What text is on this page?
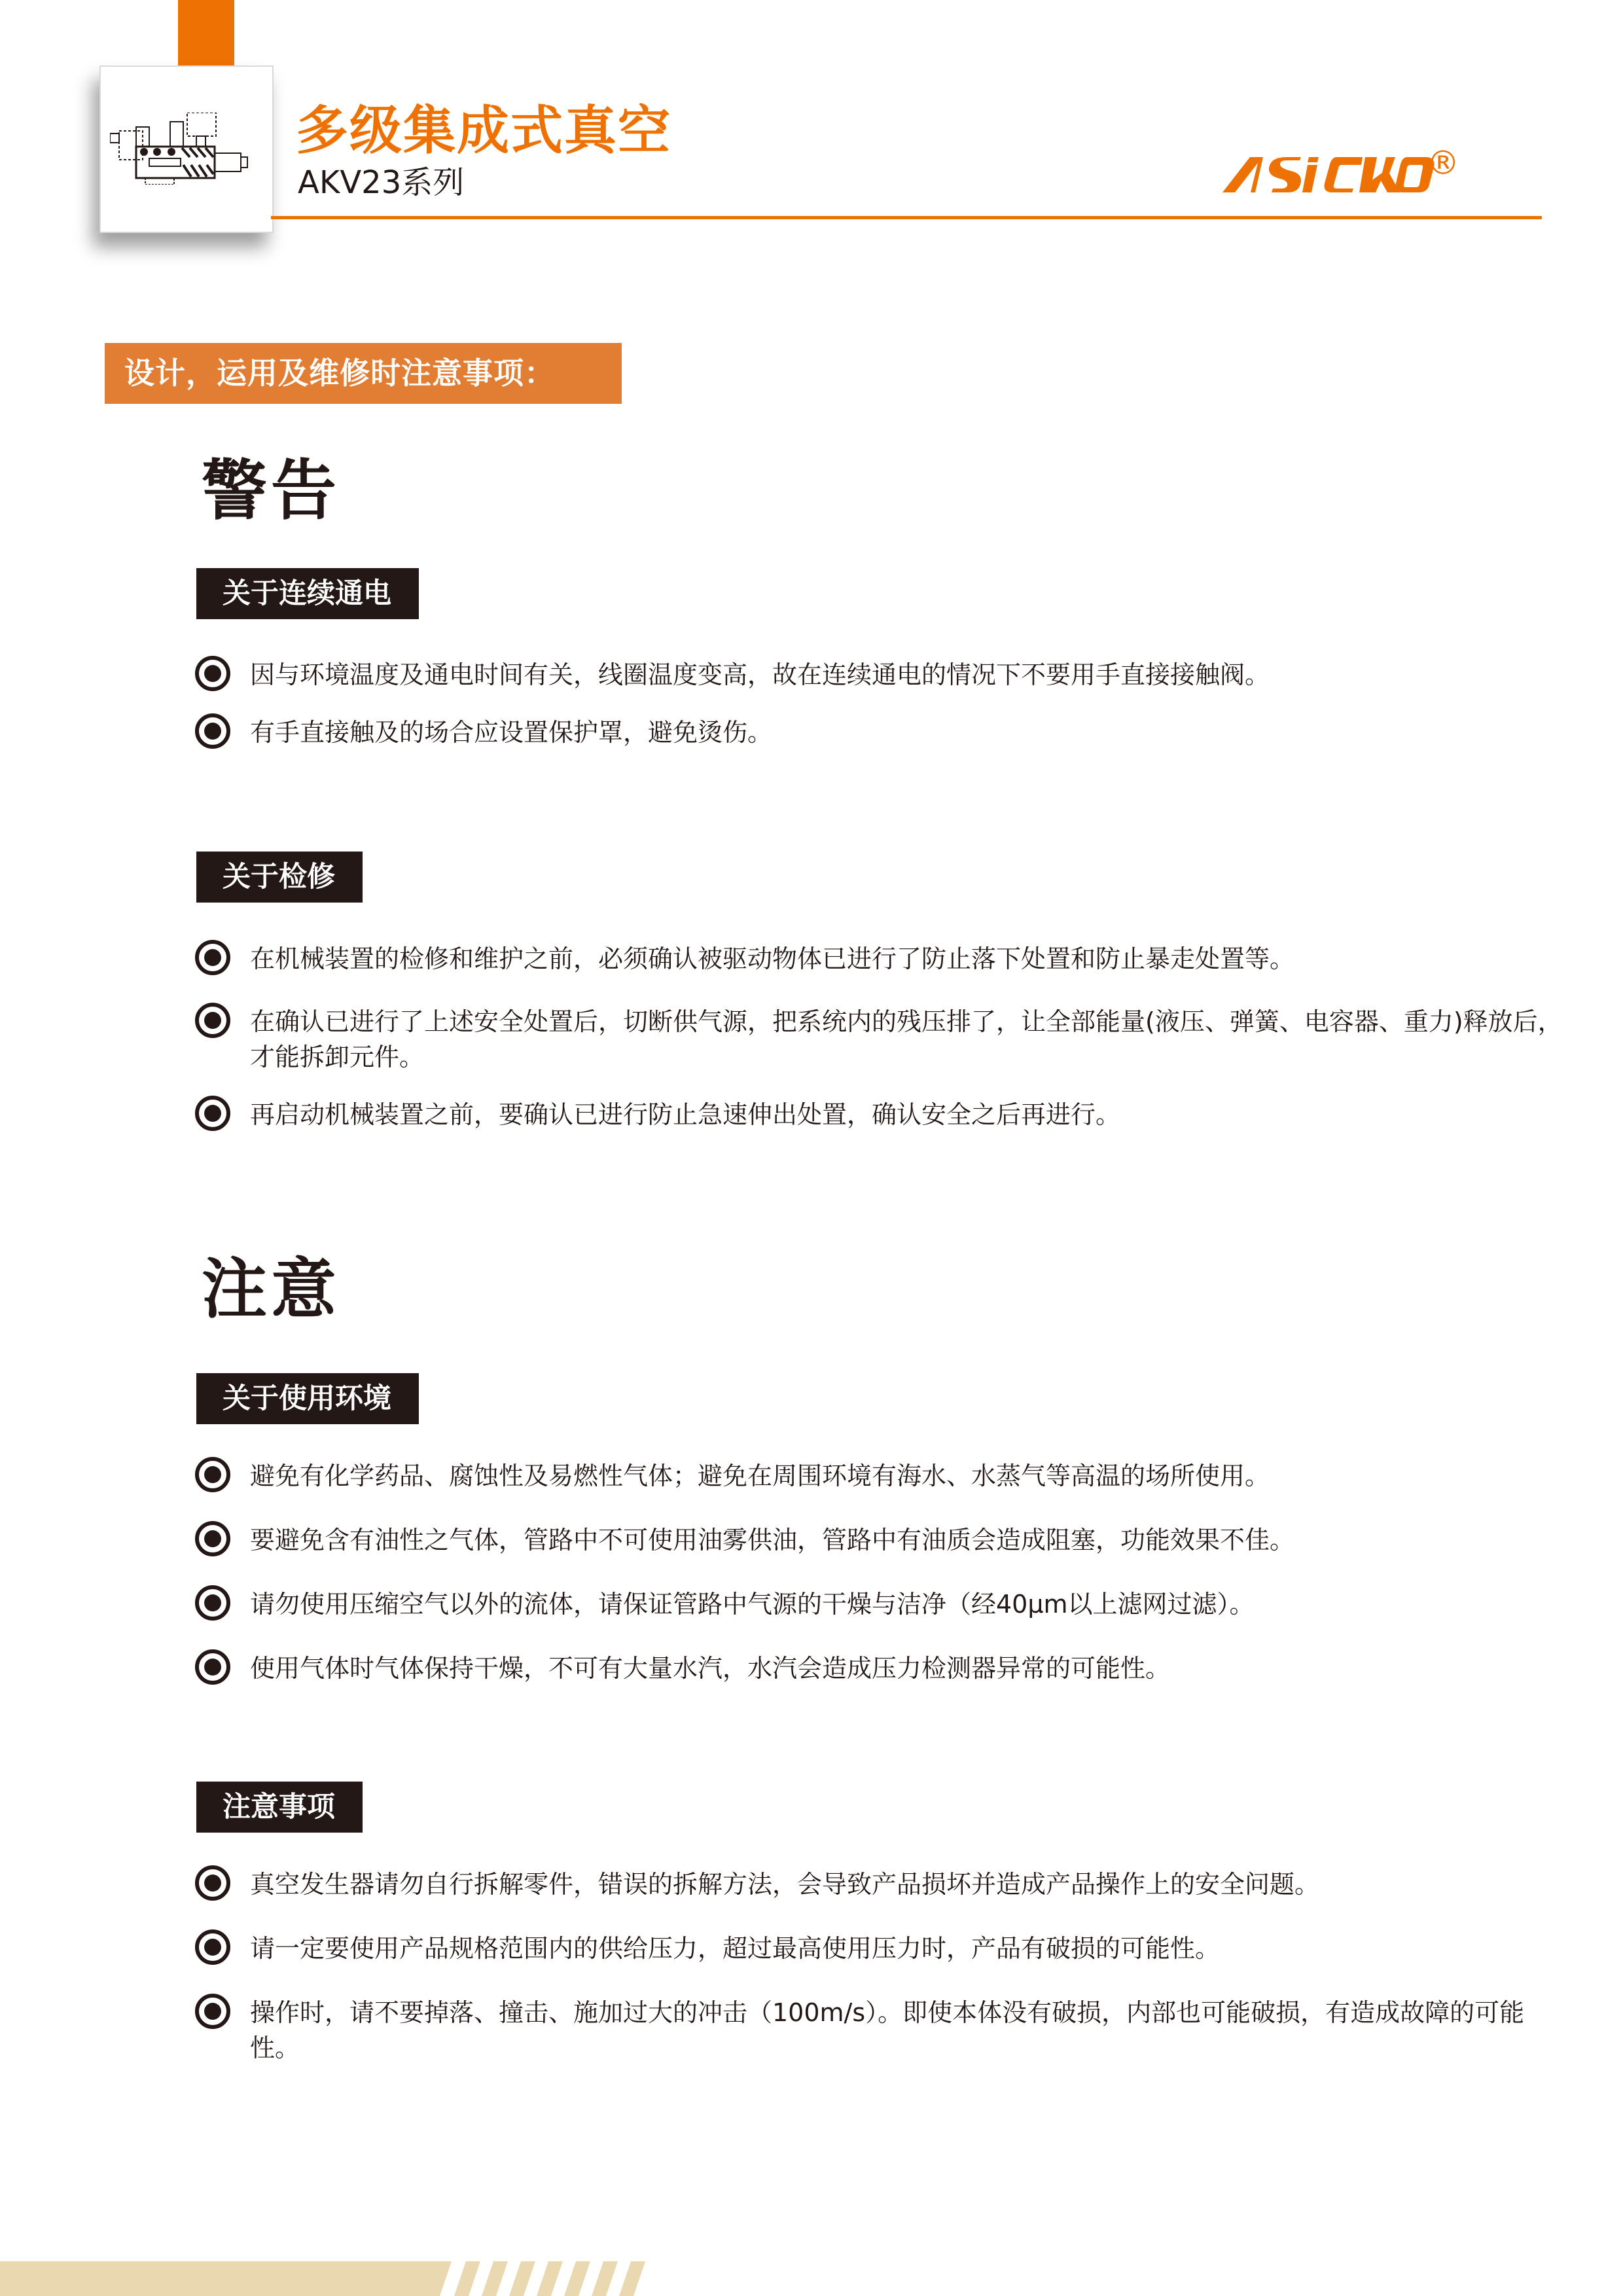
多级集成式真空
AKV23系列
®
设计，运用及维修时注意事项：
警告
关于连续通电
因与环境温度及通电时间有关，线圈温度变高，故在连续通电的情况下不要用手直接接触阀。
有手直接触及的场合应设置保护罩，避免烫伤。
关于检修
在机械装置的检修和维护之前，必须确认被驱动物体已进行了防止落下处置和防止暴走处置等。
在确认已进行了上述安全处置后，切断供气源，把系统内的残压排了，让全部能量(液压、弹簧、电容器、重力)释放后，才能拆卸元件。
再启动机械装置之前，要确认已进行防止急速伸出处置，确认安全之后再进行。
注意
关于使用环境
避免有化学药品、腐蚀性及易燃性气体；避免在周围环境有海水、水蒸气等高温的场所使用。
要避免含有油性之气体，管路中不可使用油雾供油，管路中有油质会造成阻塞，功能效果不佳。
请勿使用压缩空气以外的流体，请保证管路中气源的干燥与洁净（经40μm以上滤网过滤）。
使用气体时气体保持干燥，不可有大量水汽，水汽会造成压力检测器异常的可能性。
注意事项
真空发生器请勿自行拆解零件，错误的拆解方法，会导致产品损坏并造成产品操作上的安全问题。
请一定要使用产品规格范围内的供给压力，超过最高使用压力时，产品有破损的可能性。
操作时，请不要掉落、撞击、施加过大的冲击（100m/s）。即使本体没有破损，内部也可能破损，有造成故障的可能性。
